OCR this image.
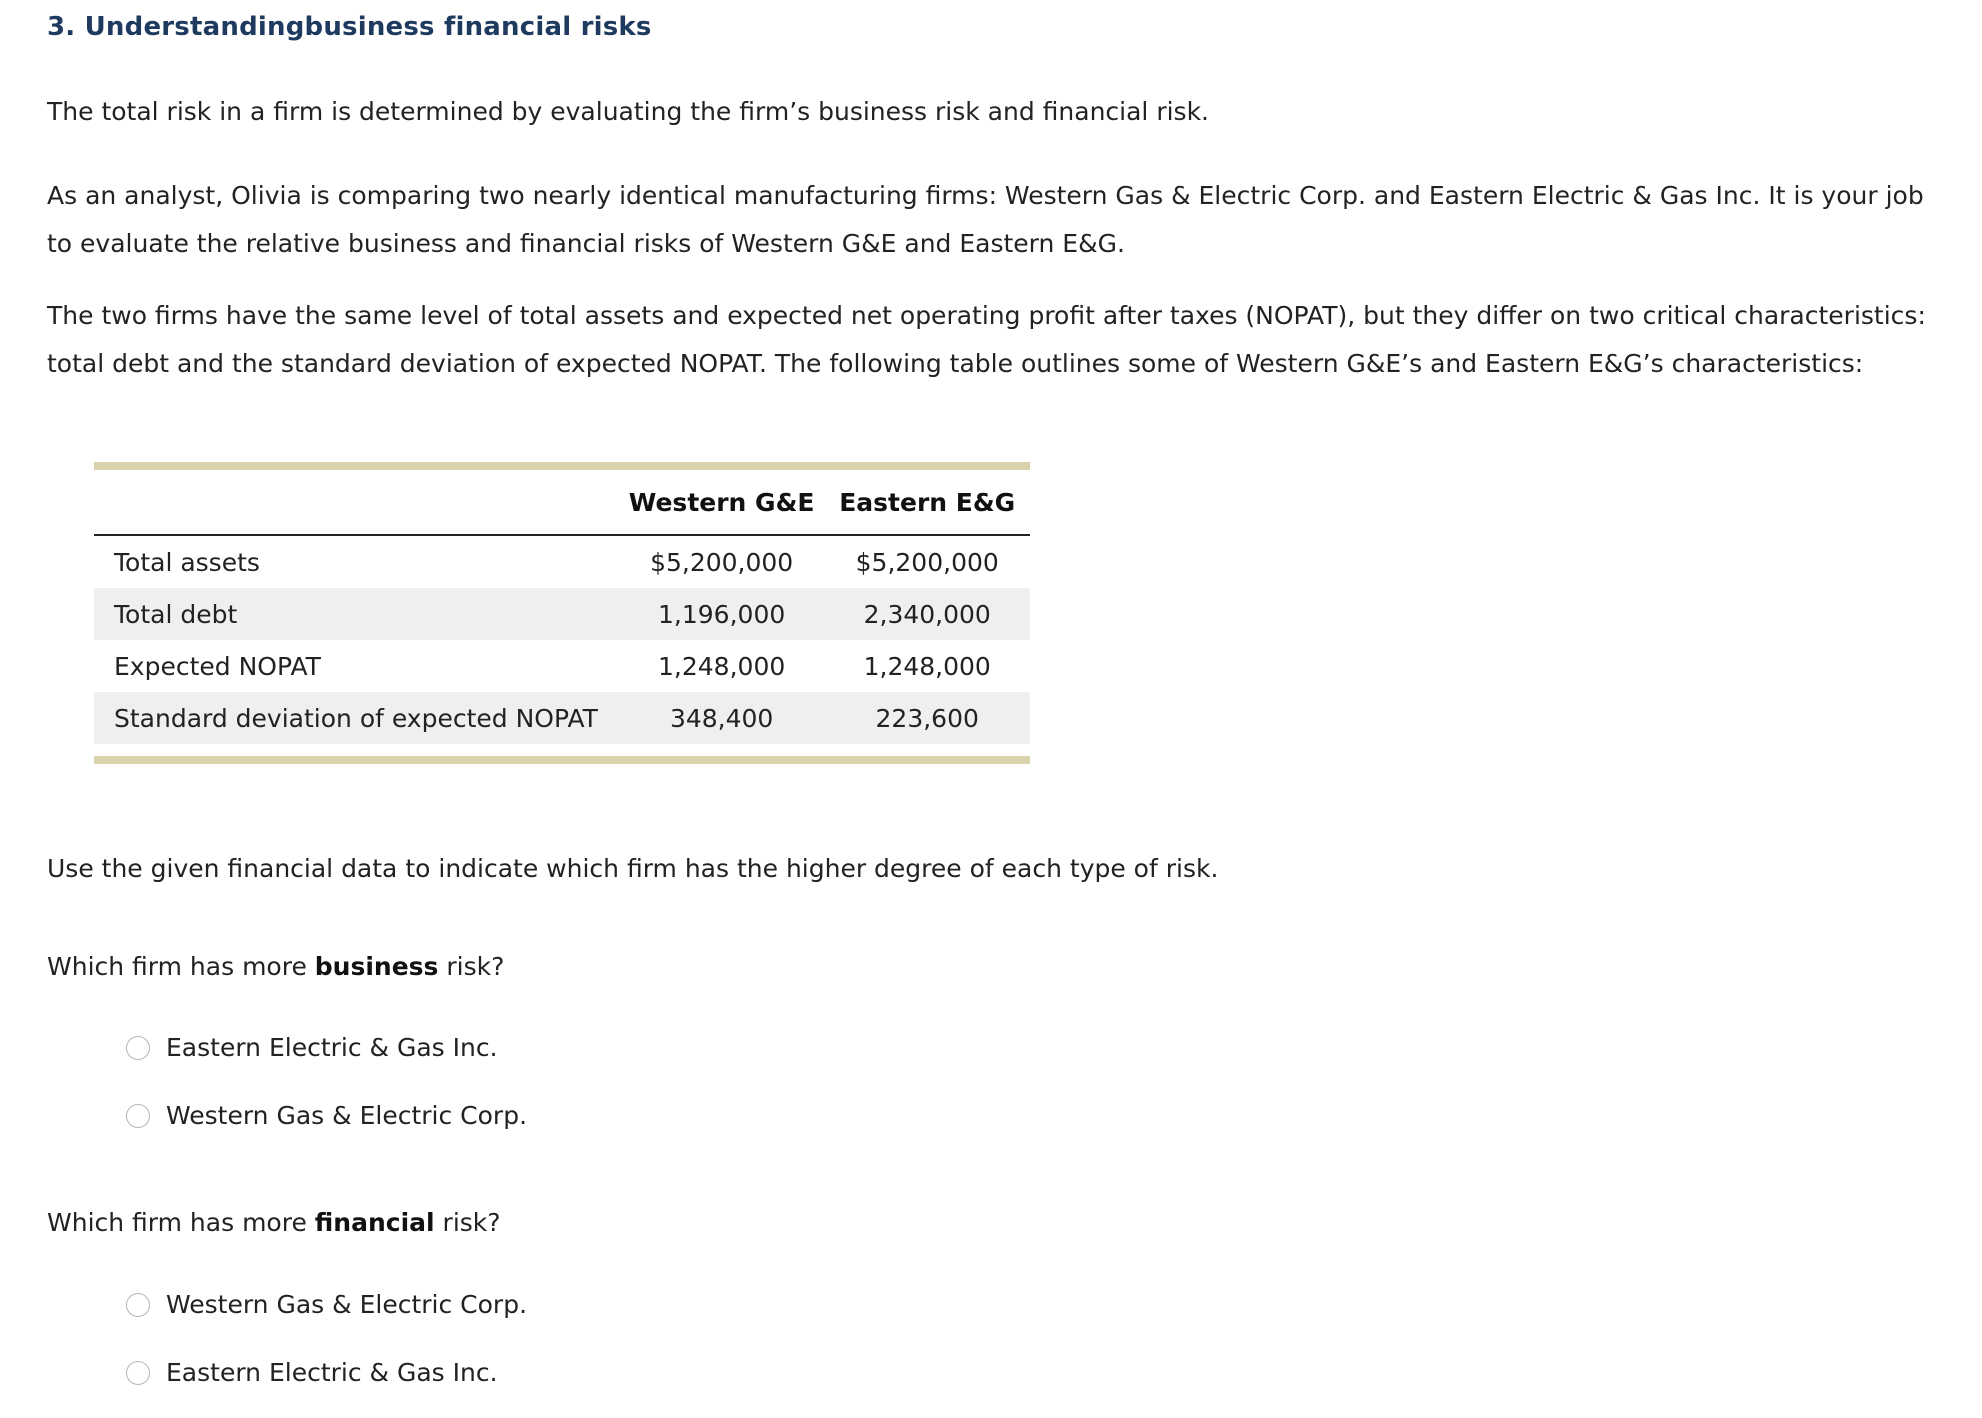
3. Understandingbusiness financial risks

The total risk in a firm is determined by evaluating the firm’s business risk and financial risk.

As an analyst, Olivia is comparing two nearly identical manufacturing firms: Western Gas & Electric Corp. and Eastern Electric & Gas Inc. It is your job to evaluate the relative business and financial risks of Western G&E and Eastern E&G.

The two firms have the same level of total assets and expected net operating profit after taxes (NOPAT), but they differ on two critical characteristics: total debt and the standard deviation of expected NOPAT. The following table outlines some of Western G&E’s and Eastern E&G’s characteristics:

	Western G&E	Eastern E&G
Total assets	$5,200,000	$5,200,000
Total debt	1,196,000	2,340,000
Expected NOPAT	1,248,000	1,248,000
Standard deviation of expected NOPAT	348,400	223,600

Use the given financial data to indicate which firm has the higher degree of each type of risk.

Which firm has more business risk?

Eastern Electric & Gas Inc.
Western Gas & Electric Corp.

Which firm has more financial risk?

Western Gas & Electric Corp.
Eastern Electric & Gas Inc.
